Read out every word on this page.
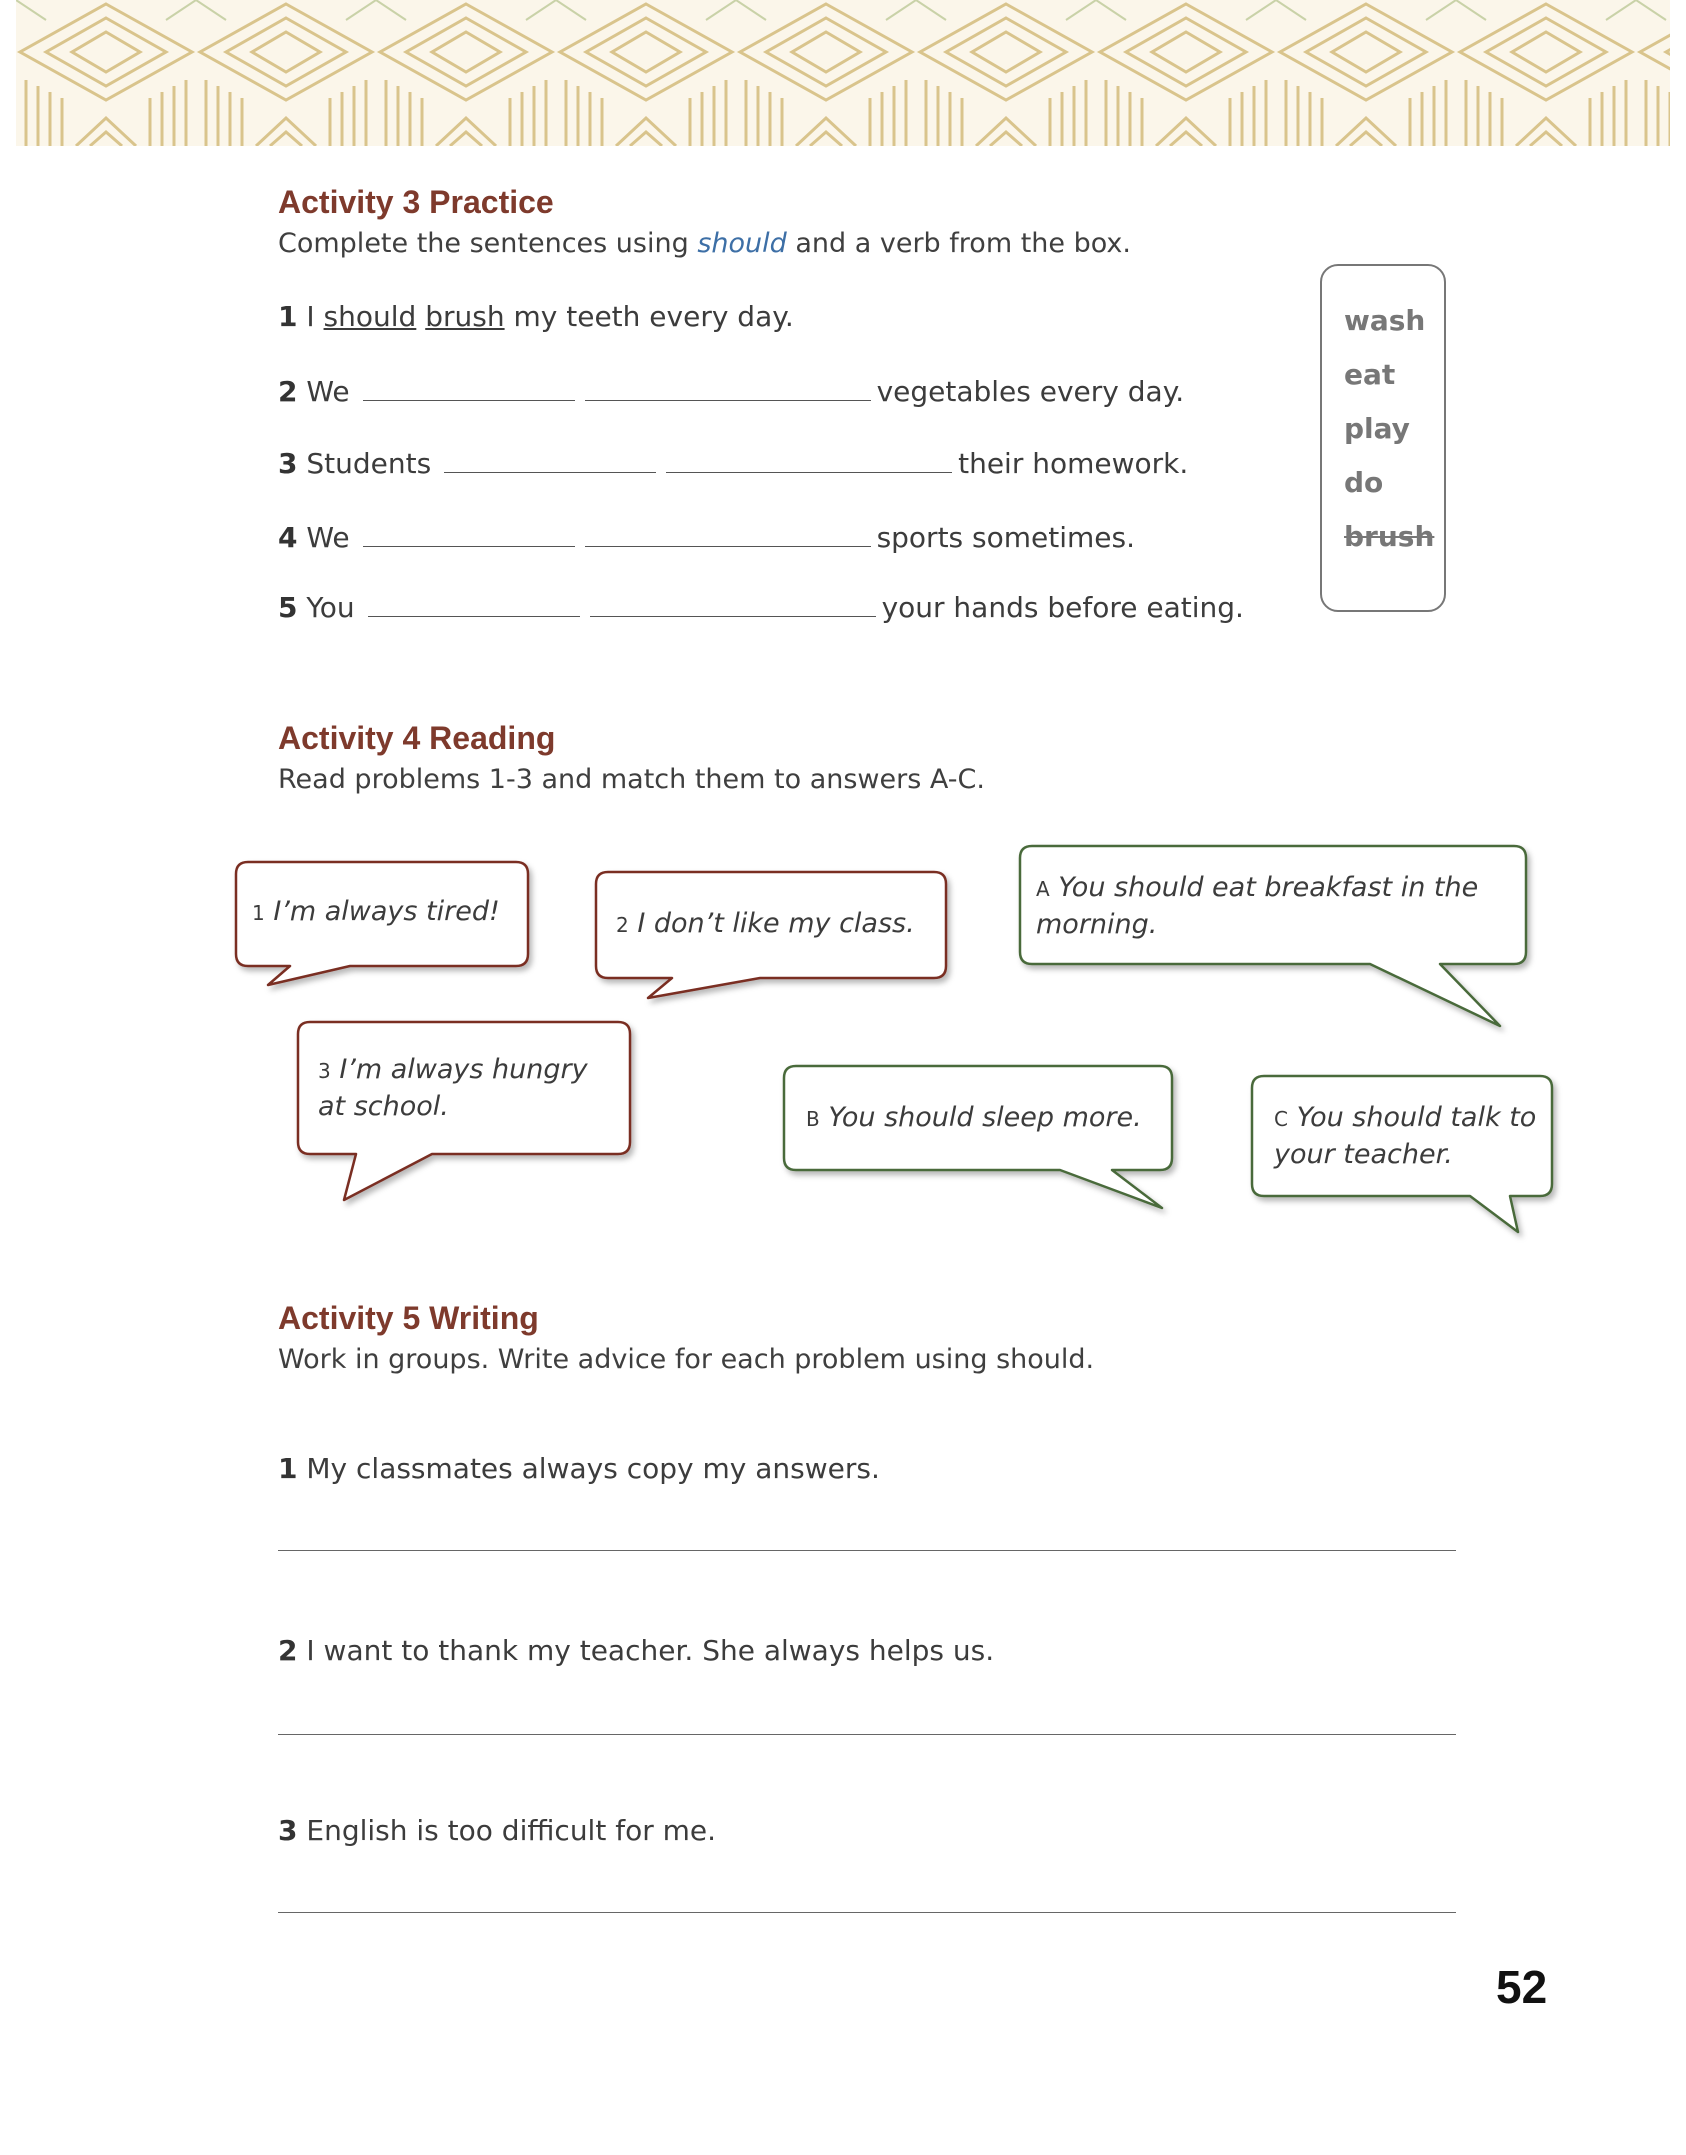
Activity 3 Practice

Complete the sentences using should and a verb from the box.

1 I should brush my teeth every day.

2 We	vegetables every day.

3 Students	their homework.

4 We	sports sometimes.

5 You	your hands before eating.

wash

eat

play

do

brush

Activity 4 Reading

Read problems 1-3 and match them to answers A-C.

1 I’m always tired!	2 I don’t like my class.

3 I’m always hungry at school.

A You should eat breakfast in the morning.

B You should sleep more.	C You should talk to your teacher.

Activity 5 Writing

Work in groups. Write advice for each problem using should.

1 My classmates always copy my answers.

2 I want to thank my teacher. She always helps us.

3 English is too difficult for me.

52
